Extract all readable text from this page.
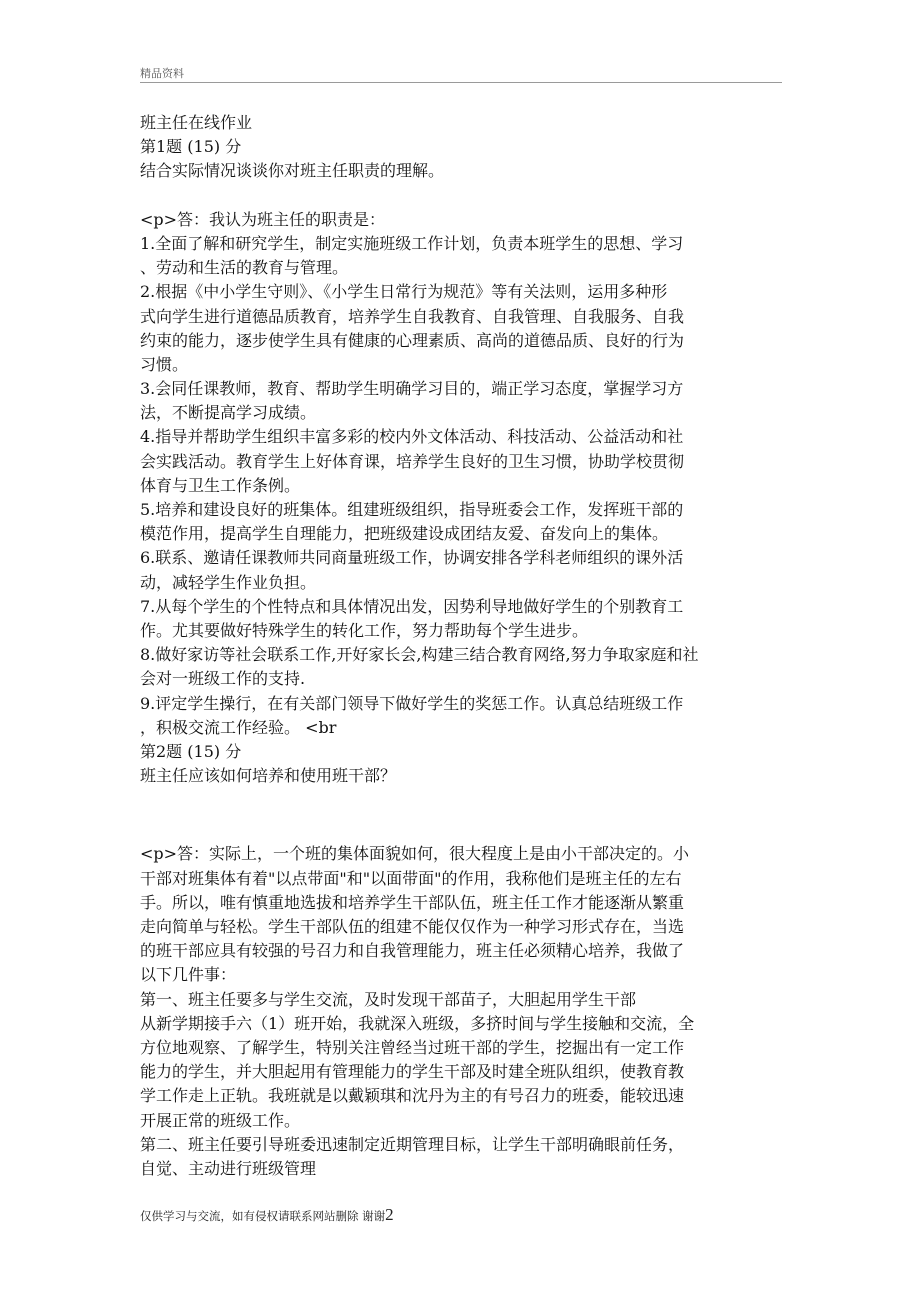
精品资料
班主任在线作业
第1题 (15) 分
结合实际情况谈谈你对班主任职责的理解。
<p>答：我认为班主任的职责是：
1.全面了解和研究学生，制定实施班级工作计划，负责本班学生的思想、学习
、劳动和生活的教育与管理。
2.根据《中小学生守则》、《小学生日常行为规范》等有关法则，运用多种形
式向学生进行道德品质教育，培养学生自我教育、自我管理、自我服务、自我
约束的能力，逐步使学生具有健康的心理素质、高尚的道德品质、良好的行为
习惯。
3.会同任课教师，教育、帮助学生明确学习目的，端正学习态度，掌握学习方
法，不断提高学习成绩。
4.指导并帮助学生组织丰富多彩的校内外文体活动、科技活动、公益活动和社
会实践活动。教育学生上好体育课，培养学生良好的卫生习惯，协助学校贯彻
体育与卫生工作条例。
5.培养和建设良好的班集体。组建班级组织，指导班委会工作，发挥班干部的
模范作用，提高学生自理能力，把班级建设成团结友爱、奋发向上的集体。
6.联系、邀请任课教师共同商量班级工作，协调安排各学科老师组织的课外活
动，减轻学生作业负担。
7.从每个学生的个性特点和具体情况出发，因势利导地做好学生的个别教育工
作。尤其要做好特殊学生的转化工作，努力帮助每个学生进步。
8.做好家访等社会联系工作,开好家长会,构建三结合教育网络,努力争取家庭和社
会对一班级工作的支持.
9.评定学生操行，在有关部门领导下做好学生的奖惩工作。认真总结班级工作
，积极交流工作经验。 <br
第2题 (15) 分
班主任应该如何培养和使用班干部？
<p>答：实际上，一个班的集体面貌如何，很大程度上是由小干部决定的。小
干部对班集体有着"以点带面"和"以面带面"的作用，我称他们是班主任的左右
手。所以，唯有慎重地选拔和培养学生干部队伍，班主任工作才能逐渐从繁重
走向简单与轻松。学生干部队伍的组建不能仅仅作为一种学习形式存在，当选
的班干部应具有较强的号召力和自我管理能力，班主任必须精心培养，我做了
以下几件事：
第一、班主任要多与学生交流，及时发现干部苗子，大胆起用学生干部
从新学期接手六（1）班开始，我就深入班级，多挤时间与学生接触和交流，全
方位地观察、了解学生，特别关注曾经当过班干部的学生，挖掘出有一定工作
能力的学生，并大胆起用有管理能力的学生干部及时建全班队组织，使教育教
学工作走上正轨。我班就是以戴颖琪和沈丹为主的有号召力的班委，能较迅速
开展正常的班级工作。
第二、班主任要引导班委迅速制定近期管理目标，让学生干部明确眼前任务，
自觉、主动进行班级管理
仅供学习与交流，如有侵权请联系网站删除 谢谢2
